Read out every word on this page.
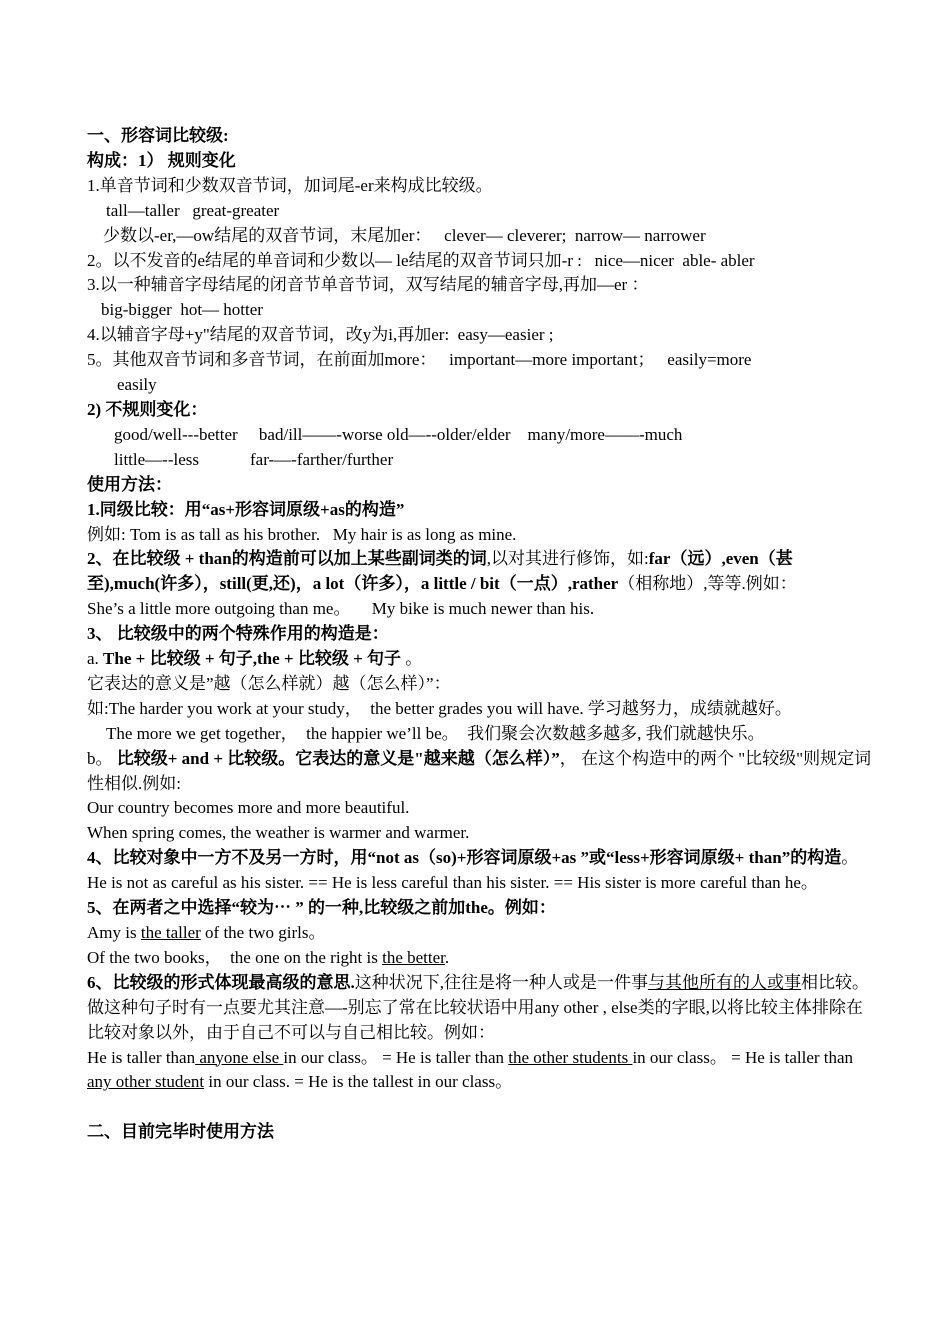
一、形容词比较级:

构成：1） 规则变化

1.单音节词和少数双音节词，加词尾-er来构成比较级。

tall—taller   great-greater

少数以-er,—ow结尾的双音节词，末尾加er：   clever— cleverer;  narrow— narrower

2。以不发音的e结尾的单音词和少数以— le结尾的双音节词只加-r :   nice—nicer  able- abler

3.以一种辅音字母结尾的闭音节单音节词，双写结尾的辅音字母,再加—er ：

big-bigger  hot— hotter

4.以辅音字母+y"结尾的双音节词，改y为i,再加er:  easy—easier ;

5。其他双音节词和多音节词，在前面加more：   important—more important；   easily=more

easily

2) 不规则变化：

good/well---better     bad/ill——-worse old—--older/elder    many/more——-much

little—--less            far-—-farther/further

使用方法：

1.同级比较：用“as+形容词原级+as的构造”

例如: Tom is as tall as his brother.   My hair is as long as mine.

2、在比较级 + than的构造前可以加上某些副词类的词,以对其进行修饰，如:far（远）,even（甚至),much(许多），still(更,还)，a lot（许多），a little / bit（一点）,rather（相称地）,等等.例如：

She’s a little more outgoing than me。     My bike is much newer than his.

3、 比较级中的两个特殊作用的构造是：

a. The + 比较级 + 句子,the + 比较级 + 句子 。

它表达的意义是”越（怎么样就）越（怎么样）”：

如:The harder you work at your study，  the better grades you will have. 学习越努力，成绩就越好。

The more we get together，  the happier we’ll be。  我们聚会次数越多越多, 我们就越快乐。

b。 比较级+ and + 比较级。它表达的意义是"越来越（怎么样）”， 在这个构造中的两个 "比较级"则规定词性相似.例如:

Our country becomes more and more beautiful.

When spring comes, the weather is warmer and warmer.

4、比较对象中一方不及另一方时，用“not as（so)+形容词原级+as ”或“less+形容词原级+ than”的构造。

He is not as careful as his sister. == He is less careful than his sister. == His sister is more careful than he。

5、在两者之中选择“较为⋯ ” 的一种,比较级之前加the。例如：

Amy is the taller of the two girls。

Of the two books，  the one on the right is the better.

6、比较级的形式体现最高级的意思.这种状况下,往往是将一种人或是一件事与其他所有的人或事相比较。做这种句子时有一点要尤其注意—-别忘了常在比较状语中用any other , else类的字眼,以将比较主体排除在比较对象以外，由于自己不可以与自己相比较。例如：

He is taller than anyone else in our class。 = He is taller than the other students in our class。 = He is taller than any other student in our class. = He is the tallest in our class。

二、目前完毕时使用方法
